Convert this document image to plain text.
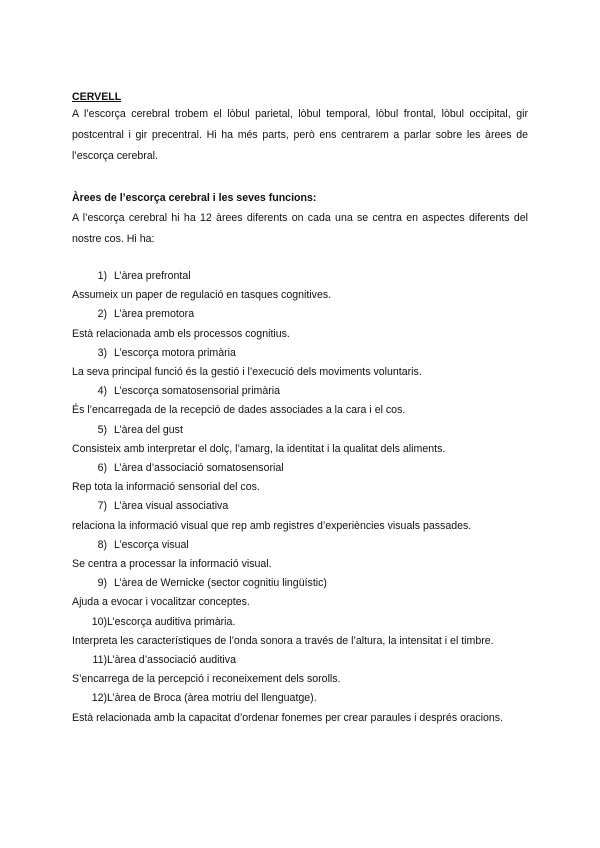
CERVELL

A l’escorça cerebral trobem el lòbul parietal, lòbul temporal, lòbul frontal, lòbul occipital, gir postcentral i gir precentral. Hi ha més parts, però ens centrarem a parlar sobre les àrees de l’escorça cerebral.

Àrees de l’escorça cerebral i les seves funcions:

A l’escorça cerebral hi ha 12 àrees diferents on cada una se centra en aspectes diferents del nostre cos. Hi ha:

1) L’àrea prefrontal
Assumeix un paper de regulació en tasques cognitives.
2) L’àrea premotora
Està relacionada amb els processos cognitius.
3) L’escorça motora primària
La seva principal funció és la gestió i l’execució dels moviments voluntaris.
4) L’escorça somatosensorial primària
És l’encarregada de la recepció de dades associades a la cara i el cos.
5) L’àrea del gust
Consisteix amb interpretar el dolç, l’amarg, la identitat i la qualitat dels aliments.
6) L’àrea d’associació somatosensorial
Rep tota la informació sensorial del cos.
7) L’àrea visual associativa
relaciona la informació visual que rep amb registres d’experiències visuals passades.
8) L’escorça visual
Se centra a processar la informació visual.
9) L’àrea de Wernicke (sector cognitiu lingüístic)
Ajuda a evocar i vocalitzar conceptes.
10) L’escorça auditiva primària.
Interpreta les característiques de l’onda sonora a través de l’altura, la intensitat i el timbre.
11) L’àrea d’associació auditiva
S’encarrega de la percepció i reconeixement dels sorolls.
12) L’àrea de Broca (àrea motriu del llenguatge).
Està relacionada amb la capacitat d’ordenar fonemes per crear paraules i després oracions.
